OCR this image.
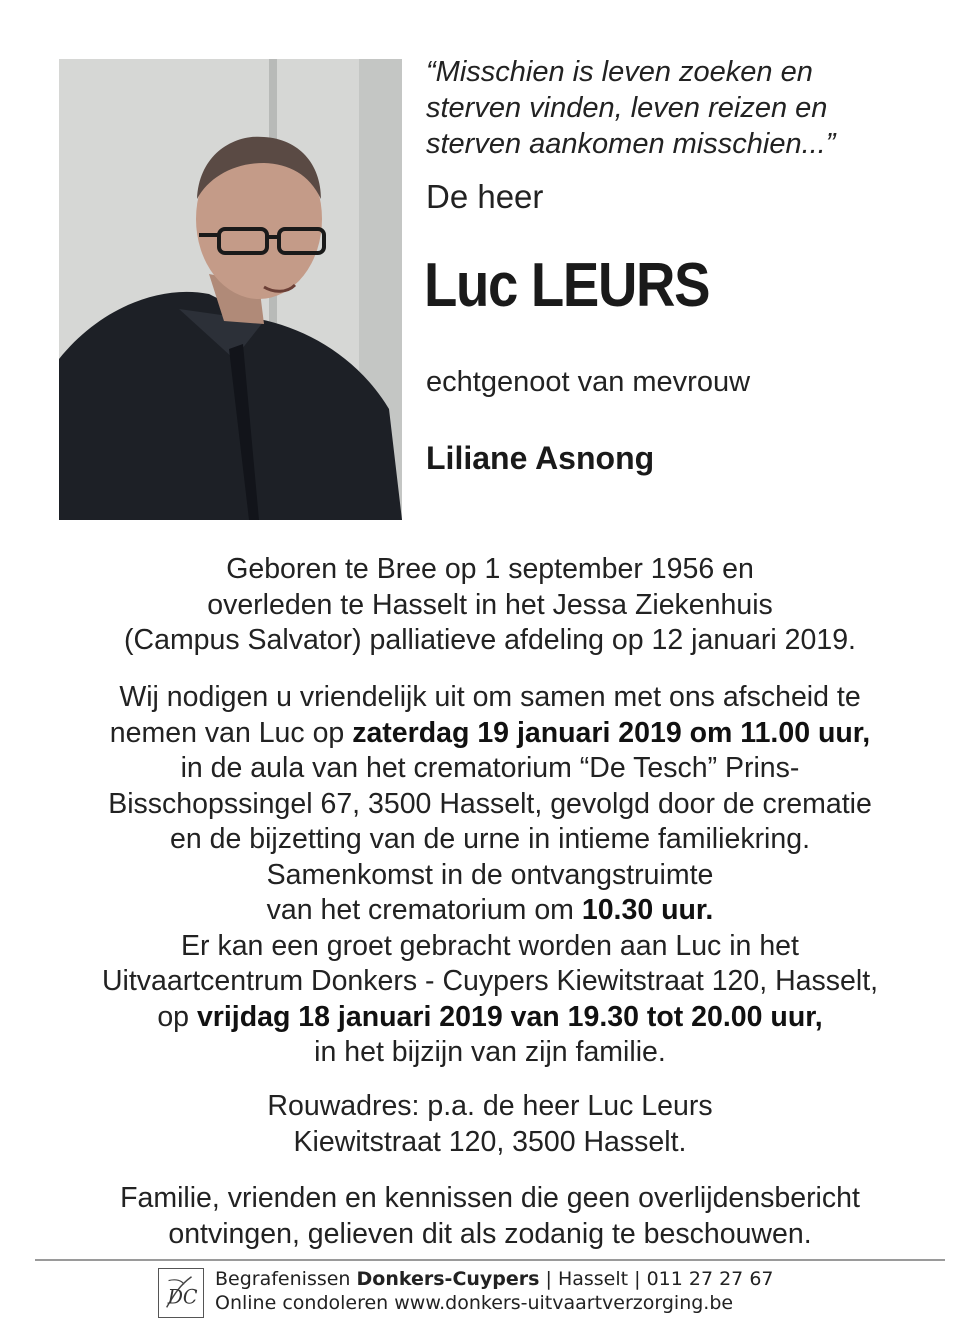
“Misschien is leven zoeken en
sterven vinden, leven reizen en
sterven aankomen misschien...”
De heer
Luc LEURS
echtgenoot van mevrouw
Liliane Asnong
Geboren te Bree op 1 september 1956 en
overleden te Hasselt in het Jessa Ziekenhuis
(Campus Salvator) palliatieve afdeling op 12 januari 2019.
Wij nodigen u vriendelijk uit om samen met ons afscheid te
nemen van Luc op zaterdag 19 januari 2019 om 11.00 uur,
in de aula van het crematorium “De Tesch” Prins-
Bisschopssingel 67, 3500 Hasselt, gevolgd door de crematie
en de bijzetting van de urne in intieme familiekring.
Samenkomst in de ontvangstruimte
van het crematorium om 10.30 uur.
Er kan een groet gebracht worden aan Luc in het
Uitvaartcentrum Donkers - Cuypers Kiewitstraat 120, Hasselt,
op vrijdag 18 januari 2019 van 19.30 tot 20.00 uur,
in het bijzijn van zijn familie.
Rouwadres: p.a. de heer Luc Leurs
Kiewitstraat 120, 3500 Hasselt.
Familie, vrienden en kennissen die geen overlijdensbericht
ontvingen, gelieven dit als zodanig te beschouwen.
DC
Begrafenissen Donkers-Cuypers | Hasselt | 011 27 27 67
Online condoleren www.donkers-uitvaartverzorging.be
